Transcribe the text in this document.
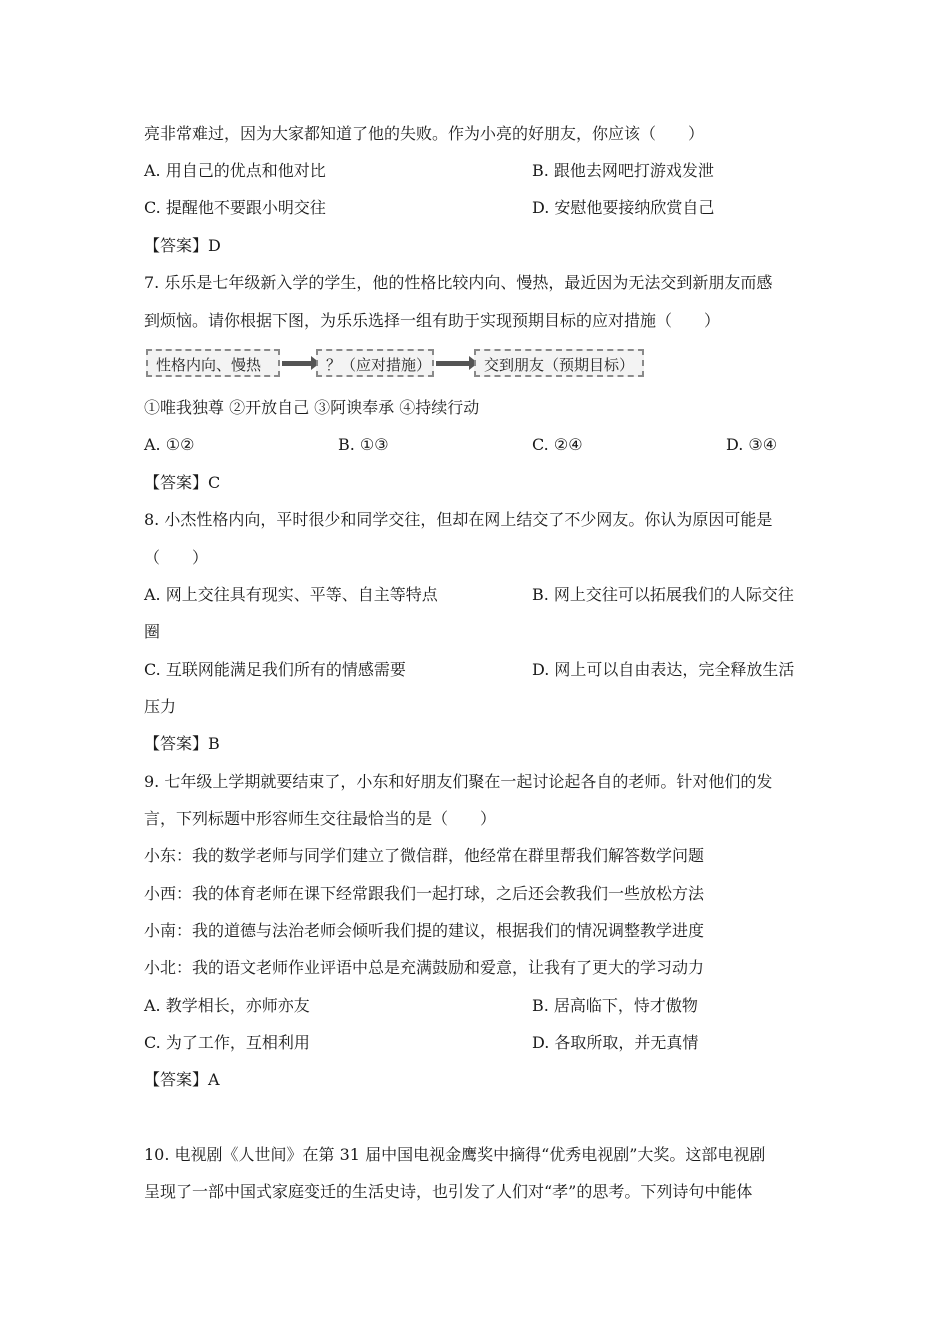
亮非常难过，因为大家都知道了他的失败。作为小亮的好朋友，你应该（　　）
A. 用自己的优点和他对比	B. 跟他去网吧打游戏发泄
C. 提醒他不要跟小明交往	D. 安慰他要接纳欣赏自己
【答案】D
7. 乐乐是七年级新入学的学生，他的性格比较内向、慢热，最近因为无法交到新朋友而感
到烦恼。请你根据下图，为乐乐选择一组有助于实现预期目标的应对措施（　　）
性格内向、慢热	？（应对措施）	交到朋友（预期目标）
①唯我独尊 ②开放自己 ③阿谀奉承 ④持续行动
A. ①②	B. ①③	C. ②④	D. ③④
【答案】C
8. 小杰性格内向，平时很少和同学交往，但却在网上结交了不少网友。你认为原因可能是
（　　）
A. 网上交往具有现实、平等、自主等特点	B. 网上交往可以拓展我们的人际交往
圈
C. 互联网能满足我们所有的情感需要	D. 网上可以自由表达，完全释放生活
压力
【答案】B
9. 七年级上学期就要结束了，小东和好朋友们聚在一起讨论起各自的老师。针对他们的发
言，下列标题中形容师生交往最恰当的是（　　）
小东：我的数学老师与同学们建立了微信群，他经常在群里帮我们解答数学问题
小西：我的体育老师在课下经常跟我们一起打球，之后还会教我们一些放松方法
小南：我的道德与法治老师会倾听我们提的建议，根据我们的情况调整教学进度
小北：我的语文老师作业评语中总是充满鼓励和爱意，让我有了更大的学习动力
A. 教学相长，亦师亦友	B. 居高临下，恃才傲物
C. 为了工作，互相利用	D. 各取所取，并无真情
【答案】A
10. 电视剧《人世间》在第 31 届中国电视金鹰奖中摘得“优秀电视剧”大奖。这部电视剧
呈现了一部中国式家庭变迁的生活史诗，也引发了人们对“孝”的思考。下列诗句中能体
